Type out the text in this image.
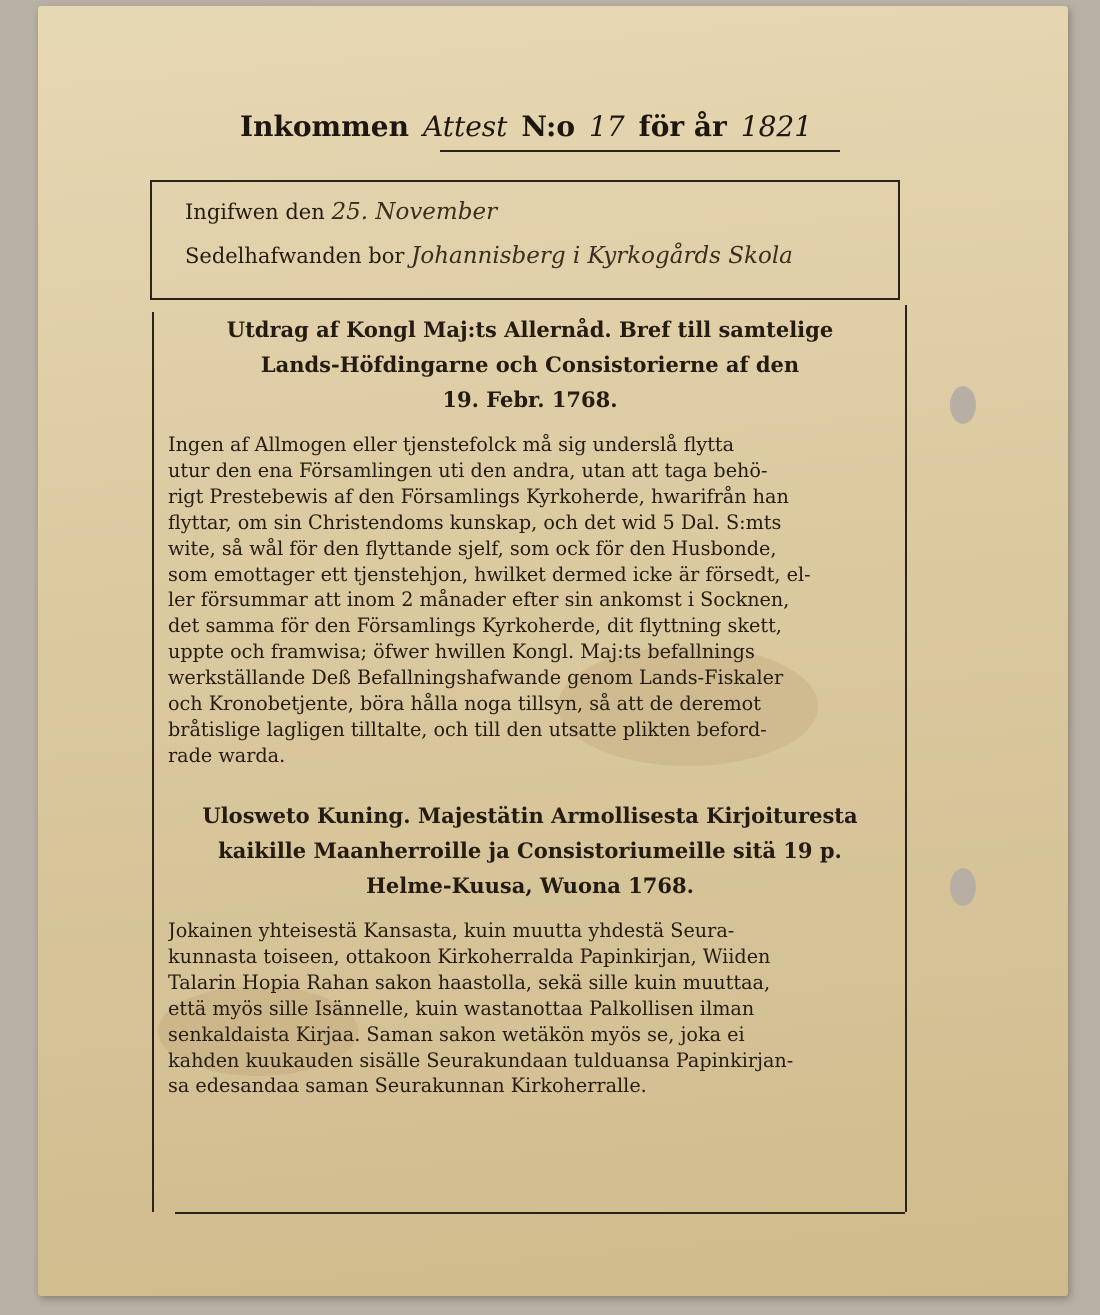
Inkommen Attest N:o 17 för år 1821
Ingifwen den 25. November
Sedelhafwanden bor Johannisberg i Kyrkogårds Skola
Utdrag af Kongl Maj:ts Allernåd. Bref till samtelige
Lands-Höfdingarne och Consistorierne af den
19. Febr. 1768.
Ingen af Allmogen eller tjenstefolck må sig underslå flytta
utur den ena Församlingen uti den andra, utan att taga behö-
rigt Prestebewis af den Församlings Kyrkoherde, hwarifrån han
flyttar, om sin Christendoms kunskap, och det wid 5 Dal. S:mts
wite, så wål för den flyttande sjelf, som ock för den Husbonde,
som emottager ett tjenstehjon, hwilket dermed icke är försedt, el-
ler försummar att inom 2 månader efter sin ankomst i Socknen,
det samma för den Församlings Kyrkoherde, dit flyttning skett,
uppte och framwisa; öfwer hwillen Kongl. Maj:ts befallnings
werkställande Deß Befallningshafwande genom Lands-Fiskaler
och Kronobetjente, böra hålla noga tillsyn, så att de deremot
bråtislige lagligen tilltalte, och till den utsatte plikten beford-
rade warda.
Ulosweto Kuning. Majestätin Armollisesta Kirjoituresta
kaikille Maanherroille ja Consistoriumeille sitä 19 p.
Helme-Kuusa, Wuona 1768.
Jokainen yhteisestä Kansasta, kuin muutta yhdestä Seura-
kunnasta toiseen, ottakoon Kirkoherralda Papinkirjan, Wiiden
Talarin Hopia Rahan sakon haastolla, sekä sille kuin muuttaa,
että myös sille Isännelle, kuin wastanottaa Palkollisen ilman
senkaldaista Kirjaa. Saman sakon wetäkön myös se, joka ei
kahden kuukauden sisälle Seurakundaan tulduansa Papinkirjan-
sa edesandaa saman Seurakunnan Kirkoherralle.
